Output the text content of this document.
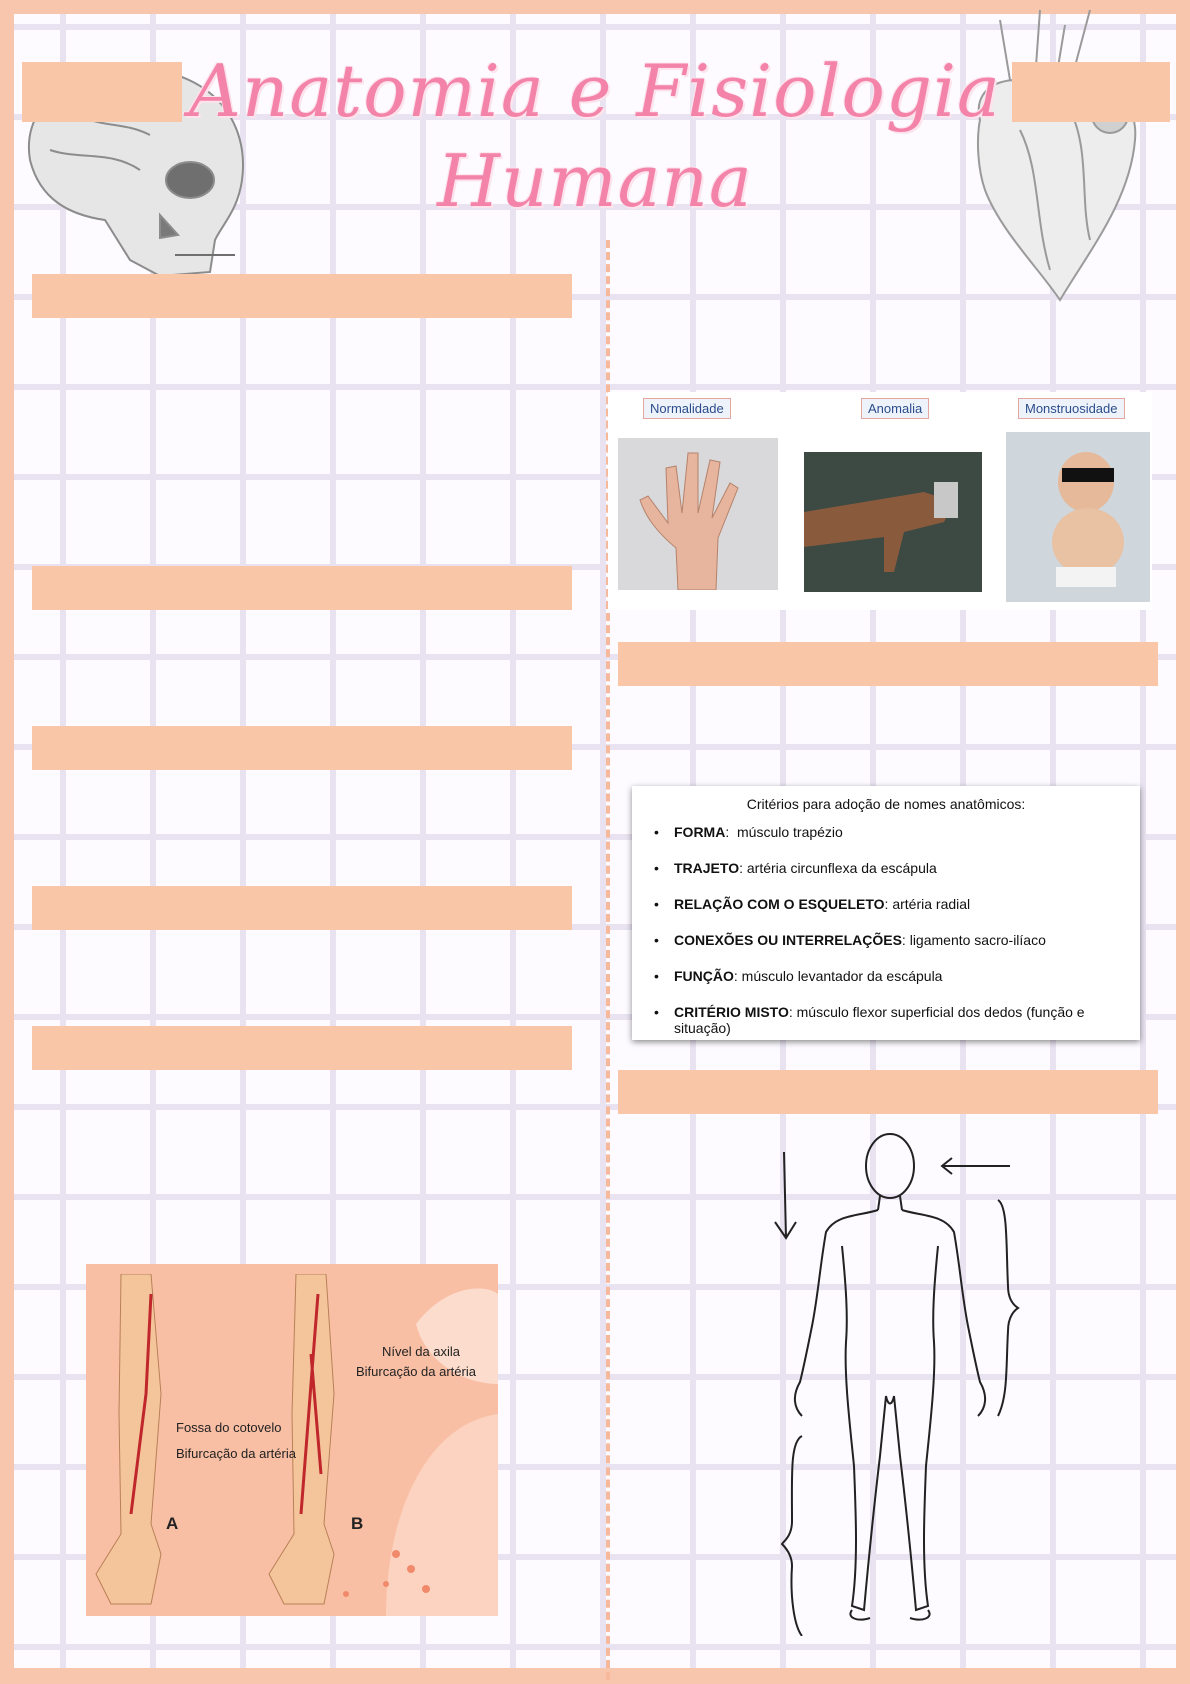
Anatomia e Fisiologia
Humana
Normalidade	Anomalia	Monstruosidade
Critérios para adoção de nomes anatômicos:
• FORMA:  músculo trapézio
• TRAJETO: artéria circunflexa da escápula
• RELAÇÃO COM O ESQUELETO: artéria radial
• CONEXÕES OU INTERRELAÇÕES: ligamento sacro-ilíaco
• FUNÇÃO: músculo levantador da escápula
• CRITÉRIO MISTO: músculo flexor superficial dos dedos (função e situação)
Fossa do cotovelo
Bifurcação da artéria
Nível da axila
Bifurcação da artéria
A	B
